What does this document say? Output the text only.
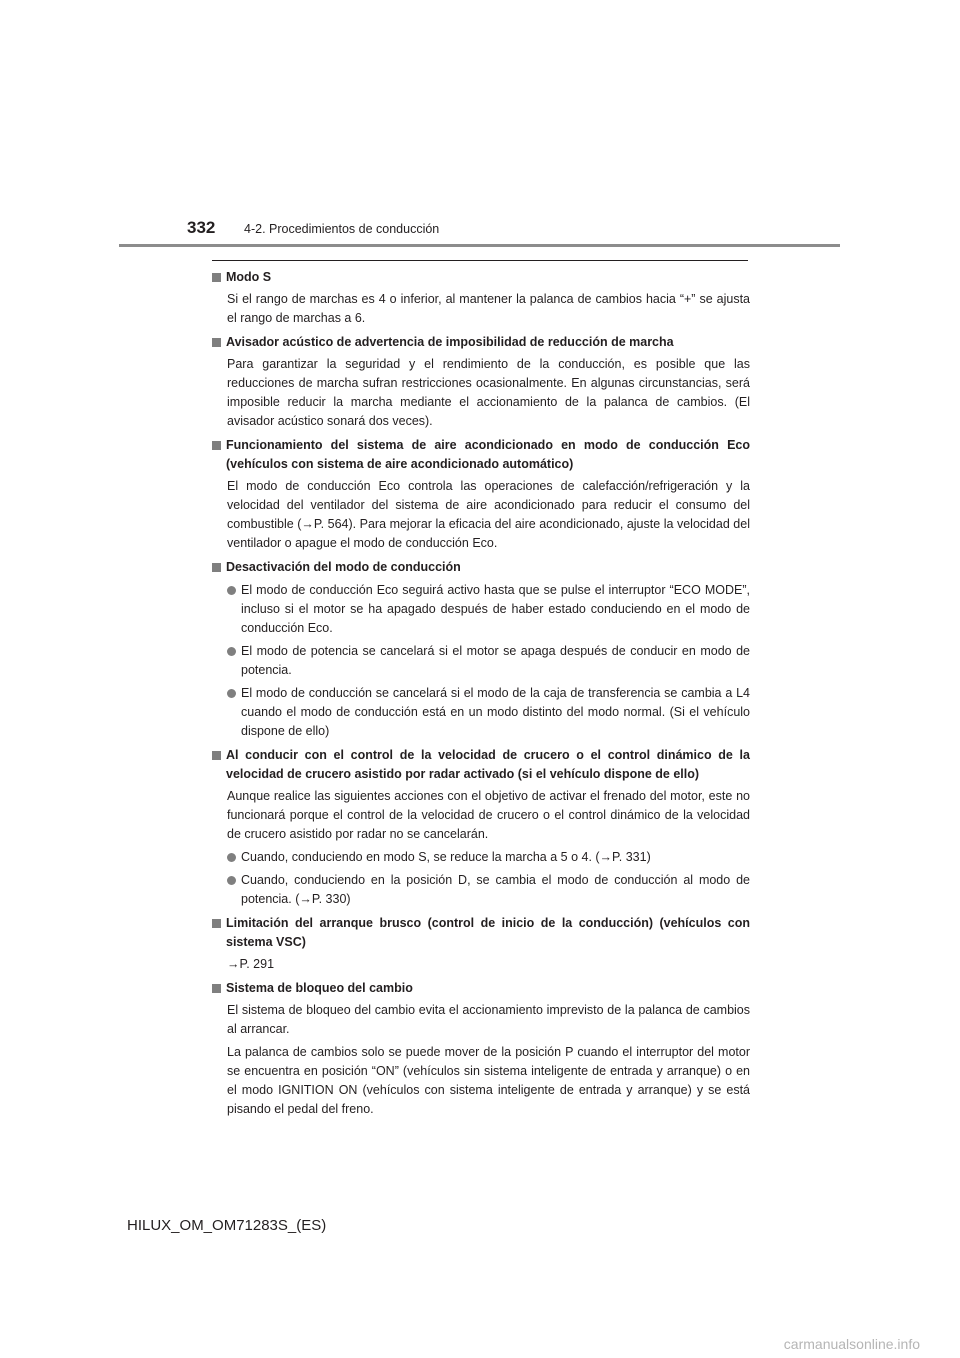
332 4-2. Procedimientos de conducción
Modo S
Si el rango de marchas es 4 o inferior, al mantener la palanca de cambios hacia “+” se ajusta el rango de marchas a 6.
Avisador acústico de advertencia de imposibilidad de reducción de marcha
Para garantizar la seguridad y el rendimiento de la conducción, es posible que las reducciones de marcha sufran restricciones ocasionalmente. En algunas circunstancias, será imposible reducir la marcha mediante el accionamiento de la palanca de cambios. (El avisador acústico sonará dos veces).
Funcionamiento del sistema de aire acondicionado en modo de conducción Eco (vehículos con sistema de aire acondicionado automático)
El modo de conducción Eco controla las operaciones de calefacción/refrigeración y la velocidad del ventilador del sistema de aire acondicionado para reducir el consumo del combustible (→P. 564). Para mejorar la eficacia del aire acondicionado, ajuste la velocidad del ventilador o apague el modo de conducción Eco.
Desactivación del modo de conducción
El modo de conducción Eco seguirá activo hasta que se pulse el interruptor “ECO MODE”, incluso si el motor se ha apagado después de haber estado conduciendo en el modo de conducción Eco.
El modo de potencia se cancelará si el motor se apaga después de conducir en modo de potencia.
El modo de conducción se cancelará si el modo de la caja de transferencia se cambia a L4 cuando el modo de conducción está en un modo distinto del modo normal. (Si el vehículo dispone de ello)
Al conducir con el control de la velocidad de crucero o el control dinámico de la velocidad de crucero asistido por radar activado (si el vehículo dispone de ello)
Aunque realice las siguientes acciones con el objetivo de activar el frenado del motor, este no funcionará porque el control de la velocidad de crucero o el control dinámico de la velocidad de crucero asistido por radar no se cancelarán.
Cuando, conduciendo en modo S, se reduce la marcha a 5 o 4. (→P. 331)
Cuando, conduciendo en la posición D, se cambia el modo de conducción al modo de potencia. (→P. 330)
Limitación del arranque brusco (control de inicio de la conducción) (vehículos con sistema VSC)
→P. 291
Sistema de bloqueo del cambio
El sistema de bloqueo del cambio evita el accionamiento imprevisto de la palanca de cambios al arrancar.
La palanca de cambios solo se puede mover de la posición P cuando el interruptor del motor se encuentra en posición “ON” (vehículos sin sistema inteligente de entrada y arranque) o en el modo IGNITION ON (vehículos con sistema inteligente de entrada y arranque) y se está pisando el pedal del freno.
HILUX_OM_OM71283S_(ES)
carmanualsonline.info
